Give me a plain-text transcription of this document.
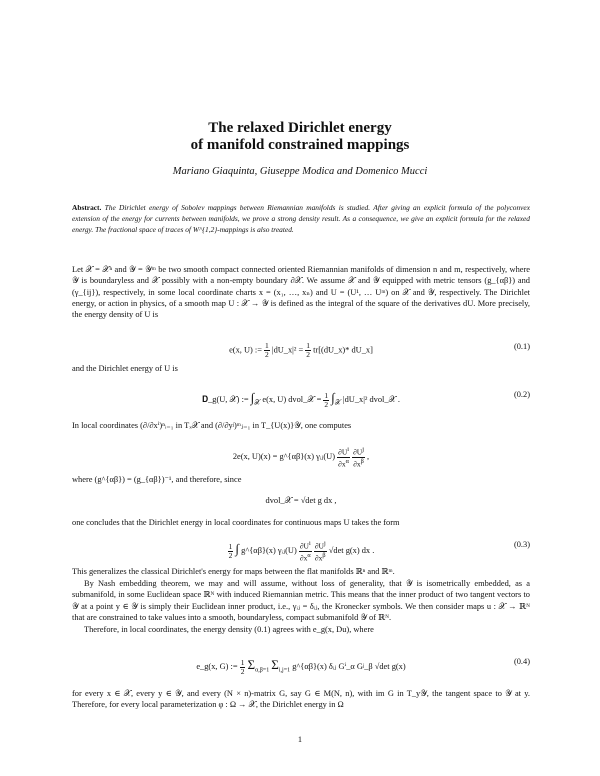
The relaxed Dirichlet energy
of manifold constrained mappings
Mariano Giaquinta, Giuseppe Modica and Domenico Mucci
Abstract. The Dirichlet energy of Sobolev mappings between Riemannian manifolds is studied. After giving an explicit formula of the polyconvex extension of the energy for currents between manifolds, we prove a strong density result. As a consequence, we give an explicit formula for the relaxed energy. The fractional space of traces of W^{1,2}-mappings is also treated.
Let 𝒳 = 𝒳ⁿ and 𝒴 = 𝒴ᵐ be two smooth compact connected oriented Riemannian manifolds of dimension n and m, respectively, where 𝒴 is boundaryless and 𝒳 possibly with a non-empty boundary ∂𝒳. We assume 𝒳 and 𝒴 equipped with metric tensors (g_{αβ}) and (γ_{ij}), respectively, in some local coordinate charts x = (x₁, …, xₙ) and U = (U¹, … Uᵐ) on 𝒳 and 𝒴, respectively. The Dirichlet energy, or action in physics, of a smooth map U : 𝒳 → 𝒴 is defined as the integral of the square of the derivatives dU. More precisely, the energy density of U is
e(x, U) := $\frac{1}{2}$ |dU_x|² = $\frac{1}{2}$ tr[(dU_x)* dU_x]	(0.1)
and the Dirichlet energy of U is
𝐃_g(U, 𝒳) := $\int_𝒳$ e(x, U) dvol_𝒳 = $\frac{1}{2} \int_𝒳$ |dU_x|² dvol_𝒳 .
(0.2)
In local coordinates (∂/∂xⁱ)ⁿᵢ₌₁ in Tₓ𝒳 and (∂/∂yʲ)ᵐⱼ₌₁ in T_{U(x)}𝒴, one computes
2e(x, U)(x) = g^{αβ}(x) γᵢⱼ(U) $\frac{\partial U^i}{\partial x^\alpha}$
$\frac{\partial U^j}{\partial x^\beta}$ ,
where (g^{αβ}) = (g_{αβ})⁻¹, and therefore, since
dvol_𝒳 = √det g dx ,
one concludes that the Dirichlet energy in local coordinates for continuous maps U takes the form
$\frac{1}{2}$ ∫ g^{αβ}(x) γᵢⱼ(U) $\frac{\partial U^i}{\partial x^\alpha}$
$\frac{\partial U^j}{\partial x^\beta} √\det$ g(x) dx .
(0.3)
This generalizes the classical Dirichlet's energy for maps between the flat manifolds ℝⁿ and ℝᵐ.
By Nash embedding theorem, we may and will assume, without loss of generality, that 𝒴 is isometrically embedded, as a submanifold, in some Euclidean space ℝᴺ with induced Riemannian metric. This means that the inner product of two tangent vectors to 𝒴 at a point y ∈ 𝒴 is simply their Euclidean inner product, i.e., γᵢⱼ = δᵢⱼ, the Kronecker symbols. We then consider maps u : 𝒳 → ℝᴺ that are constrained to take values into a smooth, boundaryless, compact submanifold 𝒴 of ℝᴺ.
Therefore, in local coordinates, the energy density (0.1) agrees with e_g(x, Du), where
e_g(x, G) := $\frac{1}{2} \Sigma_{\alpha,\beta=1}$ $\Sigma_{i,j=1}$ g^{αβ}(x) δᵢⱼ Gⁱ_α Gʲ_β √det g(x)
(0.4)
for every x ∈ 𝒳, every y ∈ 𝒴, and every (N × n)-matrix G, say G ∈ M(N, n), with im G in T_y𝒴, the tangent space to 𝒴 at y. Therefore, for every local parameterization φ : Ω → 𝒳, the Dirichlet energy in Ω
1
